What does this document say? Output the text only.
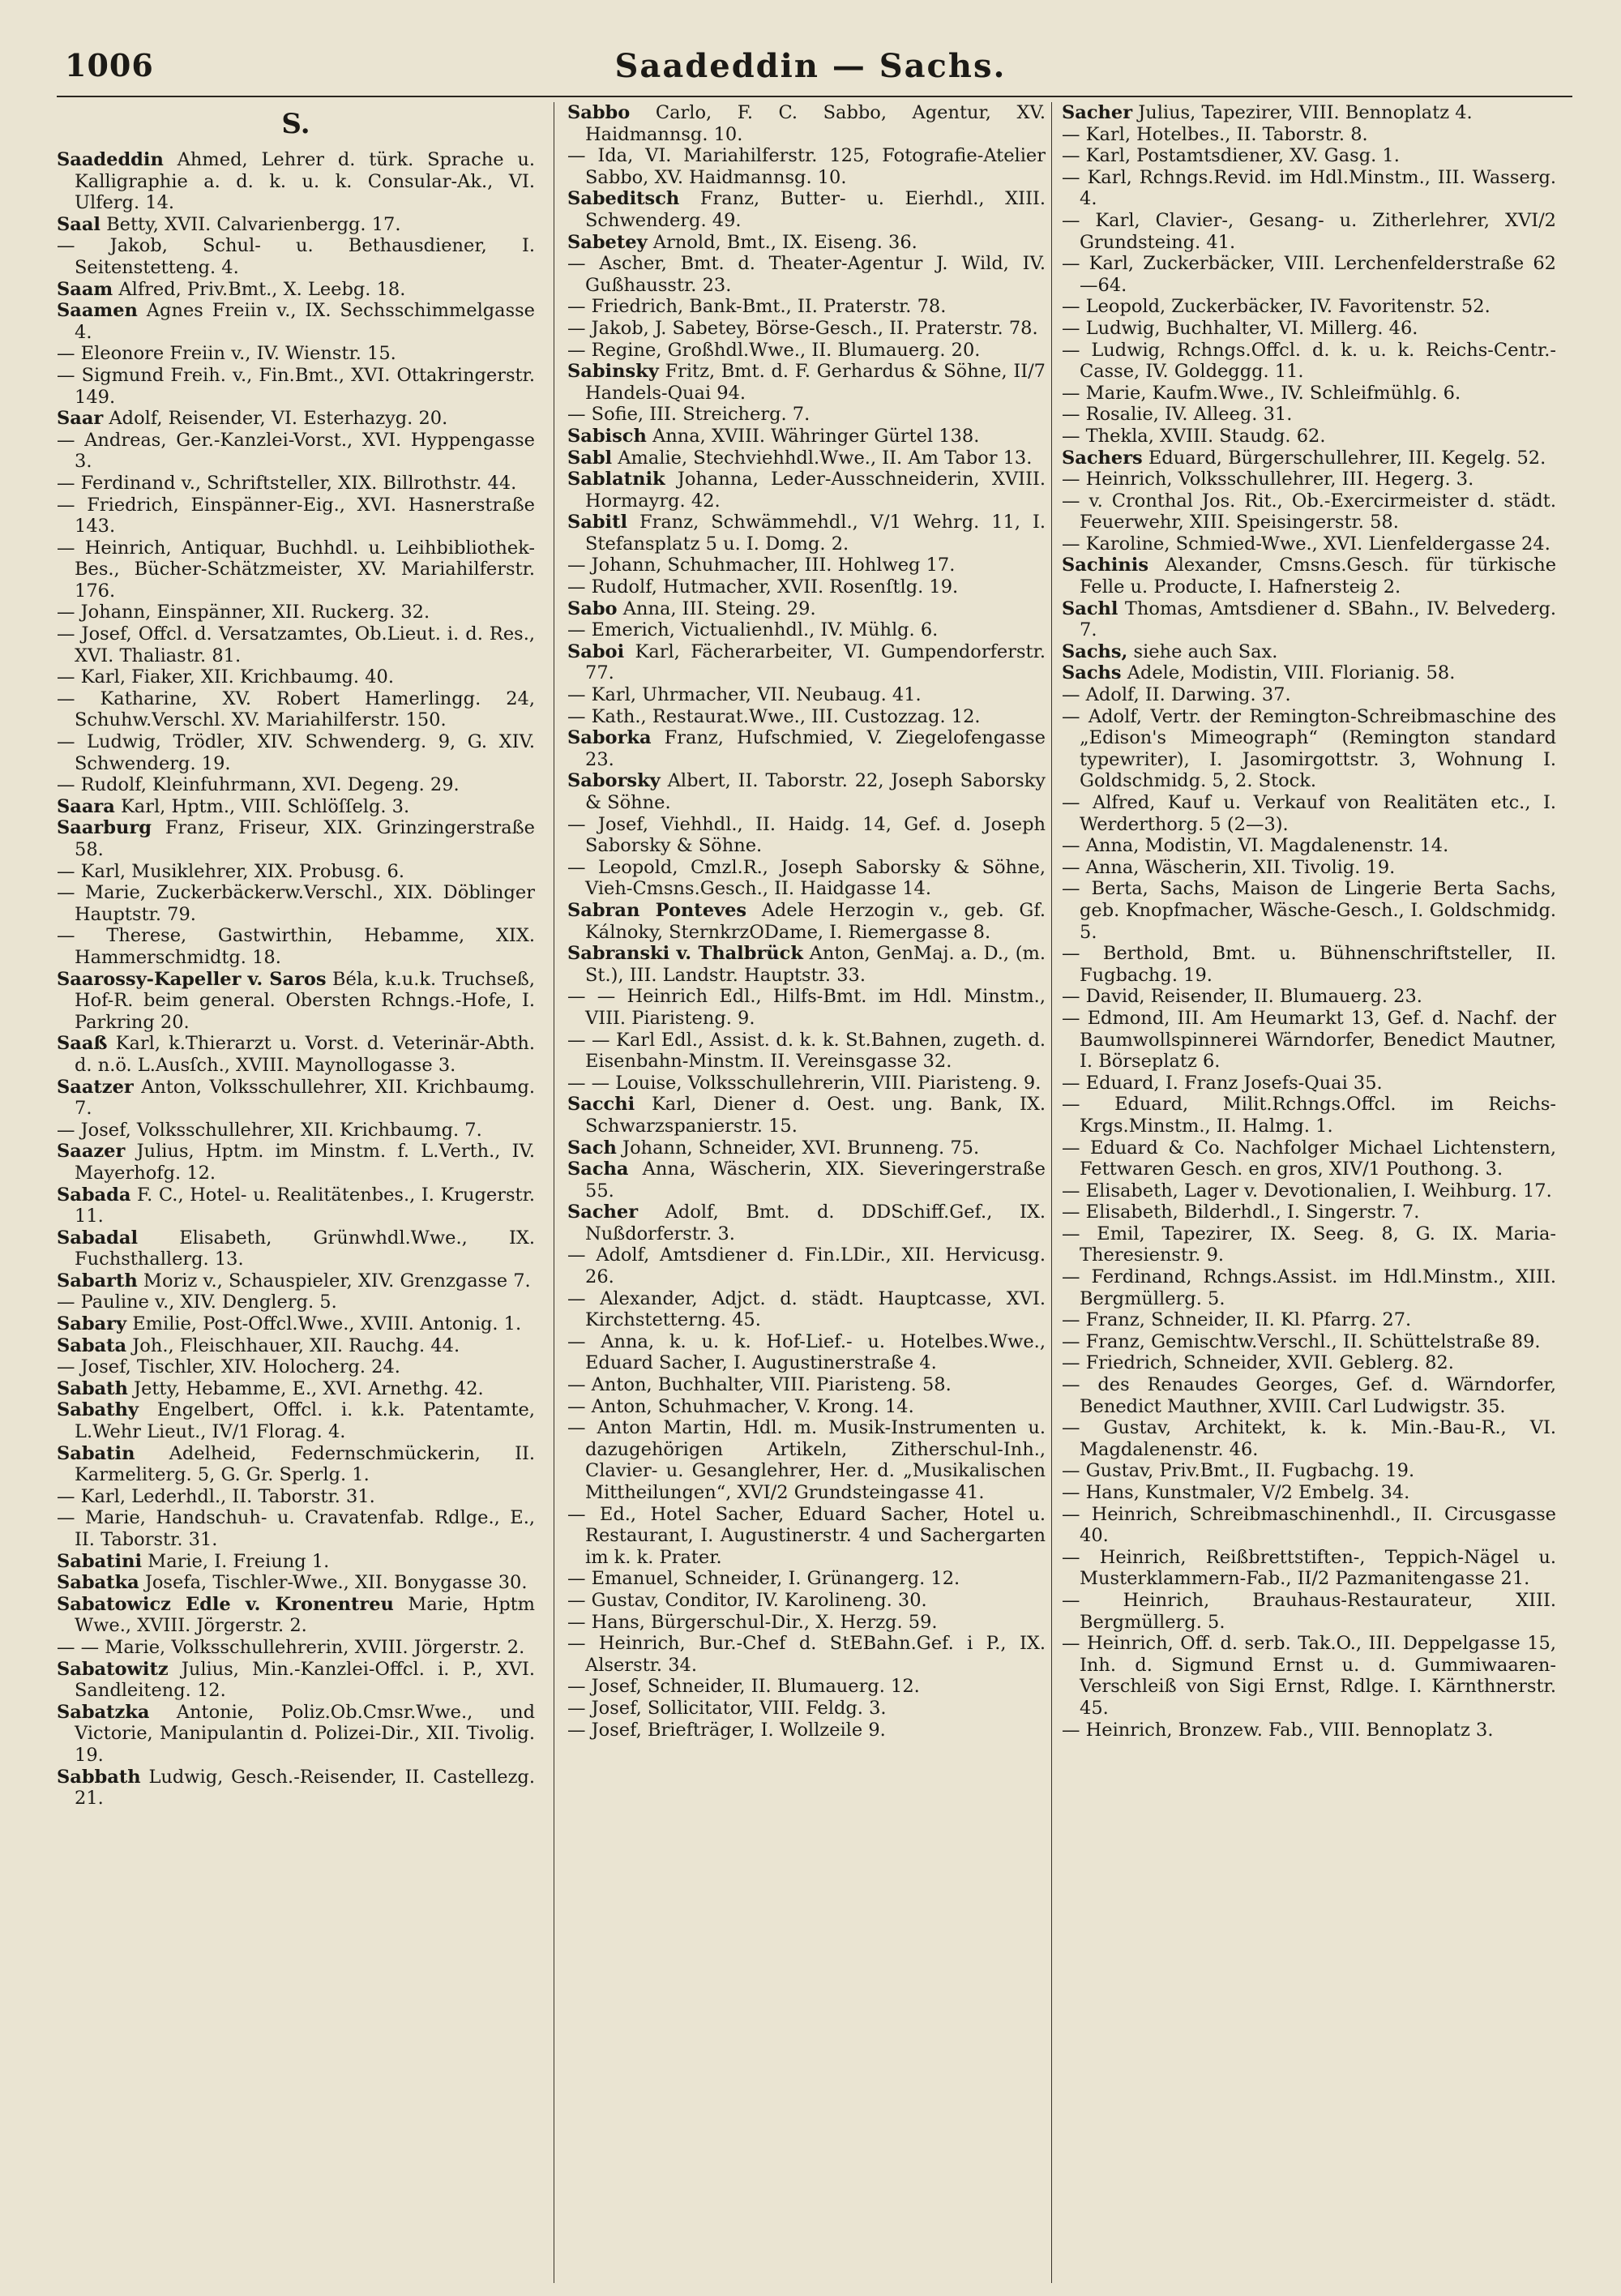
1006	Saadeddin — Sachs.
S.

Saadeddin Ahmed, Lehrer d. türk. Sprache u. Kalligraphie a. d. k. u. k. Consular-Ak., VI. Ulferg. 14.

Saal Betty, XVII. Calvarienbergg. 17.

— Jakob, Schul- u. Bethausdiener, I. Seitenstetteng. 4.

Saam Alfred, Priv.Bmt., X. Leebg. 18.

Saamen Agnes Freiin v., IX. Sechsschimmelgasse 4.

— Eleonore Freiin v., IV. Wienstr. 15.

— Sigmund Freih. v., Fin.Bmt., XVI. Ottakringerstr. 149.

Saar Adolf, Reisender, VI. Esterhazyg. 20.

— Andreas, Ger.-Kanzlei-Vorst., XVI. Hyppengasse 3.

— Ferdinand v., Schriftsteller, XIX. Billrothstr. 44.

— Friedrich, Einspänner-Eig., XVI. Hasnerstraße 143.

— Heinrich, Antiquar, Buchhdl. u. Leihbibliothek-Bes., Bücher-Schätzmeister, XV. Mariahilferstr. 176.

— Johann, Einspänner, XII. Ruckerg. 32.

— Josef, Offcl. d. Versatzamtes, Ob.Lieut. i. d. Res., XVI. Thaliastr. 81.

— Karl, Fiaker, XII. Krichbaumg. 40.

— Katharine, XV. Robert Hamerlingg. 24, Schuhw.Verschl. XV. Mariahilferstr. 150.

— Ludwig, Trödler, XIV. Schwenderg. 9, G. XIV. Schwenderg. 19.

— Rudolf, Kleinfuhrmann, XVI. Degeng. 29.

Saara Karl, Hptm., VIII. Schlöſſelg. 3.

Saarburg Franz, Friseur, XIX. Grinzingerstraße 58.

— Karl, Musiklehrer, XIX. Probusg. 6.

— Marie, Zuckerbäckerw.Verschl., XIX. Döblinger Hauptstr. 79.

— Therese, Gastwirthin, Hebamme, XIX. Hammerschmidtg. 18.

Saarossy-Kapeller v. Saros Béla, k.u.k. Truchseß, Hof-R. beim general. Obersten Rchngs.-Hofe, I. Parkring 20.

Saaß Karl, k.Thierarzt u. Vorst. d. Veterinär-Abth. d. n.ö. L.Ausſch., XVIII. Maynollogasse 3.

Saatzer Anton, Volksschullehrer, XII. Krichbaumg. 7.

— Josef, Volksschullehrer, XII. Krichbaumg. 7.

Saazer Julius, Hptm. im Minstm. f. L.Verth., IV. Mayerhofg. 12.

Sabada F. C., Hotel- u. Realitätenbes., I. Krugerstr. 11.

Sabadal Elisabeth, Grünwhdl.Wwe., IX. Fuchsthallerg. 13.

Sabarth Moriz v., Schauspieler, XIV. Grenzgasse 7.

— Pauline v., XIV. Denglerg. 5.

Sabary Emilie, Post-Offcl.Wwe., XVIII. Antonig. 1.

Sabata Joh., Fleischhauer, XII. Rauchg. 44.

— Josef, Tischler, XIV. Holocherg. 24.

Sabath Jetty, Hebamme, E., XVI. Arnethg. 42.

Sabathy Engelbert, Offcl. i. k.k. Patentamte, L.Wehr Lieut., IV/1 Florag. 4.

Sabatin Adelheid, Federnschmückerin, II. Karmeliterg. 5, G. Gr. Sperlg. 1.

— Karl, Lederhdl., II. Taborstr. 31.

— Marie, Handschuh- u. Cravatenfab. Rdlge., E., II. Taborstr. 31.

Sabatini Marie, I. Freiung 1.

Sabatka Josefa, Tischler-Wwe., XII. Bonygasse 30.

Sabatowicz Edle v. Kronentreu Marie, Hptm Wwe., XVIII. Jörgerstr. 2.

— — Marie, Volksschullehrerin, XVIII. Jörgerstr. 2.

Sabatowitz Julius, Min.-Kanzlei-Offcl. i. P., XVI. Sandleiteng. 12.

Sabatzka Antonie, Poliz.Ob.Cmsr.Wwe., und Victorie, Manipulantin d. Polizei-Dir., XII. Tivolig. 19.

Sabbath Ludwig, Gesch.-Reisender, II. Castellezg. 21.

Sabbo Carlo, F. C. Sabbo, Agentur, XV. Haidmannsg. 10.

— Ida, VI. Mariahilferstr. 125, Fotografie-Atelier Sabbo, XV. Haidmannsg. 10.

Sabeditsch Franz, Butter- u. Eierhdl., XIII. Schwenderg. 49.

Sabetey Arnold, Bmt., IX. Eiseng. 36.

— Ascher, Bmt. d. Theater-Agentur J. Wild, IV. Gußhausstr. 23.

— Friedrich, Bank-Bmt., II. Praterstr. 78.

— Jakob, J. Sabetey, Börse-Gesch., II. Praterstr. 78.

— Regine, Großhdl.Wwe., II. Blumauerg. 20.

Sabinsky Fritz, Bmt. d. F. Gerhardus & Söhne, II/7 Handels-Quai 94.

— Sofie, III. Streicherg. 7.

Sabisch Anna, XVIII. Währinger Gürtel 138.

Sabl Amalie, Stechviehhdl.Wwe., II. Am Tabor 13.

Sablatnik Johanna, Leder-Ausschneiderin, XVIII. Hormayrg. 42.

Sabitl Franz, Schwämmehdl., V/1 Wehrg. 11, I. Stefansplatz 5 u. I. Domg. 2.

— Johann, Schuhmacher, III. Hohlweg 17.

— Rudolf, Hutmacher, XVII. Rosenſtlg. 19.

Sabo Anna, III. Steing. 29.

— Emerich, Victualienhdl., IV. Mühlg. 6.

Saboi Karl, Fächerarbeiter, VI. Gumpendorferstr. 77.

— Karl, Uhrmacher, VII. Neubaug. 41.

— Kath., Restaurat.Wwe., III. Custozzag. 12.

Saborka Franz, Hufschmied, V. Ziegelofengasse 23.

Saborsky Albert, II. Taborstr. 22, Joseph Saborsky & Söhne.

— Josef, Viehhdl., II. Haidg. 14, Gef. d. Joseph Saborsky & Söhne.

— Leopold, Cmzl.R., Joseph Saborsky & Söhne, Vieh-Cmsns.Gesch., II. Haidgasse 14.

Sabran Ponteves Adele Herzogin v., geb. Gf. Kálnoky, SternkrzODame, I. Riemergasse 8.

Sabranski v. Thalbrück Anton, GenMaj. a. D., (m. St.), III. Landstr. Hauptstr. 33.

— — Heinrich Edl., Hilfs-Bmt. im Hdl. Minstm., VIII. Piaristeng. 9.

— — Karl Edl., Assist. d. k. k. St.Bahnen, zugeth. d. Eisenbahn-Minstm. II. Vereinsgasse 32.

— — Louise, Volksschullehrerin, VIII. Piaristeng. 9.

Sacchi Karl, Diener d. Oest. ung. Bank, IX. Schwarzspanierstr. 15.

Sach Johann, Schneider, XVI. Brunneng. 75.

Sacha Anna, Wäscherin, XIX. Sieveringerstraße 55.

Sacher Adolf, Bmt. d. DDSchiff.Gef., IX. Nußdorferstr. 3.

— Adolf, Amtsdiener d. Fin.LDir., XII. Hervicusg. 26.

— Alexander, Adjct. d. städt. Hauptcasse, XVI. Kirchstetterng. 45.

— Anna, k. u. k. Hof-Lief.- u. Hotelbes.Wwe., Eduard Sacher, I. Augustinerstraße 4.

— Anton, Buchhalter, VIII. Piaristeng. 58.

— Anton, Schuhmacher, V. Krong. 14.

— Anton Martin, Hdl. m. Musik-Instrumenten u. dazugehörigen Artikeln, Zitherschul-Inh., Clavier- u. Gesanglehrer, Her. d. „Musikalischen Mittheilungen“, XVI/2 Grundsteingasse 41.

— Ed., Hotel Sacher, Eduard Sacher, Hotel u. Restaurant, I. Augustinerstr. 4 und Sachergarten im k. k. Prater.

— Emanuel, Schneider, I. Grünangerg. 12.

— Gustav, Conditor, IV. Karolineng. 30.

— Hans, Bürgerschul-Dir., X. Herzg. 59.

— Heinrich, Bur.-Chef d. StEBahn.Gef. i P., IX. Alserstr. 34.

— Josef, Schneider, II. Blumauerg. 12.

— Josef, Sollicitator, VIII. Feldg. 3.

— Josef, Briefträger, I. Wollzeile 9.

Sacher Julius, Tapezirer, VIII. Bennoplatz 4.

— Karl, Hotelbes., II. Taborstr. 8.

— Karl, Postamtsdiener, XV. Gasg. 1.

— Karl, Rchngs.Revid. im Hdl.Minstm., III. Wasserg. 4.

— Karl, Clavier-, Gesang- u. Zitherlehrer, XVI/2 Grundsteing. 41.

— Karl, Zuckerbäcker, VIII. Lerchenfelderstraße 62—64.

— Leopold, Zuckerbäcker, IV. Favoritenstr. 52.

— Ludwig, Buchhalter, VI. Millerg. 46.

— Ludwig, Rchngs.Offcl. d. k. u. k. Reichs-Centr.-Casse, IV. Goldeggg. 11.

— Marie, Kaufm.Wwe., IV. Schleifmühlg. 6.

— Rosalie, IV. Alleeg. 31.

— Thekla, XVIII. Staudg. 62.

Sachers Eduard, Bürgerschullehrer, III. Kegelg. 52.

— Heinrich, Volksschullehrer, III. Hegerg. 3.

— v. Cronthal Jos. Rit., Ob.-Exercirmeister d. städt. Feuerwehr, XIII. Speisingerstr. 58.

— Karoline, Schmied-Wwe., XVI. Lienfeldergasse 24.

Sachinis Alexander, Cmsns.Gesch. für türkische Felle u. Producte, I. Hafnersteig 2.

Sachl Thomas, Amtsdiener d. SBahn., IV. Belvederg. 7.

Sachs, siehe auch Sax.

Sachs Adele, Modistin, VIII. Florianig. 58.

— Adolf, II. Darwing. 37.

— Adolf, Vertr. der Remington-Schreibmaschine des „Edison's Mimeograph“ (Remington standard typewriter), I. Jasomirgottstr. 3, Wohnung I. Goldschmidg. 5, 2. Stock.

— Alfred, Kauf u. Verkauf von Realitäten etc., I. Werderthorg. 5 (2—3).

— Anna, Modistin, VI. Magdalenenstr. 14.

— Anna, Wäscherin, XII. Tivolig. 19.

— Berta, Sachs, Maison de Lingerie Berta Sachs, geb. Knopfmacher, Wäsche-Gesch., I. Goldschmidg. 5.

— Berthold, Bmt. u. Bühnenschriftsteller, II. Fugbachg. 19.

— David, Reisender, II. Blumauerg. 23.

— Edmond, III. Am Heumarkt 13, Gef. d. Nachf. der Baumwollspinnerei Wärndorfer, Benedict Mautner, I. Börseplatz 6.

— Eduard, I. Franz Josefs-Quai 35.

— Eduard, Milit.Rchngs.Offcl. im Reichs-Krgs.Minstm., II. Halmg. 1.

— Eduard & Co. Nachfolger Michael Lichtenstern, Fettwaren Gesch. en gros, XIV/1 Pouthong. 3.

— Elisabeth, Lager v. Devotionalien, I. Weihburg. 17.

— Elisabeth, Bilderhdl., I. Singerstr. 7.

— Emil, Tapezirer, IX. Seeg. 8, G. IX. Maria-Theresienstr. 9.

— Ferdinand, Rchngs.Assist. im Hdl.Minstm., XIII. Bergmüllerg. 5.

— Franz, Schneider, II. Kl. Pfarrg. 27.

— Franz, Gemischtw.Verschl., II. Schüttelstraße 89.

— Friedrich, Schneider, XVII. Geblerg. 82.

— des Renaudes Georges, Gef. d. Wärndorfer, Benedict Mauthner, XVIII. Carl Ludwigstr. 35.

— Gustav, Architekt, k. k. Min.-Bau-R., VI. Magdalenenstr. 46.

— Gustav, Priv.Bmt., II. Fugbachg. 19.

— Hans, Kunstmaler, V/2 Embelg. 34.

— Heinrich, Schreibmaschinenhdl., II. Circusgasse 40.

— Heinrich, Reißbrettstiften-, Teppich-Nägel u. Musterklammern-Fab., II/2 Pazmanitengasse 21.

— Heinrich, Brauhaus-Restaurateur, XIII. Bergmüllerg. 5.

— Heinrich, Off. d. serb. Tak.O., III. Deppelgasse 15, Inh. d. Sigmund Ernst u. d. Gummiwaaren-Verschleiß von Sigi Ernst, Rdlge. I. Kärnthnerstr. 45.

— Heinrich, Bronzew. Fab., VIII. Bennoplatz 3.
